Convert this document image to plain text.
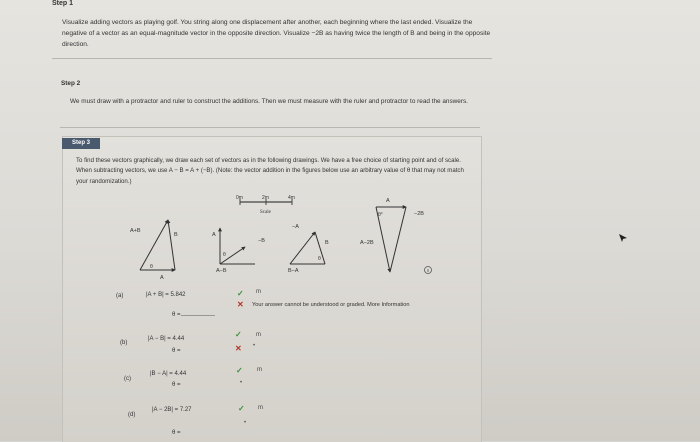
Step 1
Visualize adding vectors as playing golf. You string along one displacement after another, each beginning where the last ended. Visualize the negative of a vector as an equal-magnitude vector in the opposite direction. Visualize −2B as having twice the length of B and being in the opposite direction.
Step 2
We must draw with a protractor and ruler to construct the additions. Then we must measure with the ruler and protractor to read the answers.
Step 3
To find these vectors graphically, we draw each set of vectors as in the following drawings. We have a free choice of starting point and of scale. When subtracting vectors, we use A − B = A + (−B). (Note: the vector addition in the figures below use an arbitrary value of θ that may not match your randomization.)
0m	2m	4m
Scale
A+B
B
A
θ
A
θ
−B
A−B
−A
B
θ
B−A
A
θ°	−2B
A−2B
(a)	|A + B| = 5.842
θ =
✓ m
✕ Your answer cannot be understood or graded. More Information
(b)
|A − B| = 4.44
θ =
✓ m
✕ •
(c)
|B − A| = 4.44
θ =
✓ m
•
(d)
|A − 2B| = 7.27
θ =
✓ m
•
